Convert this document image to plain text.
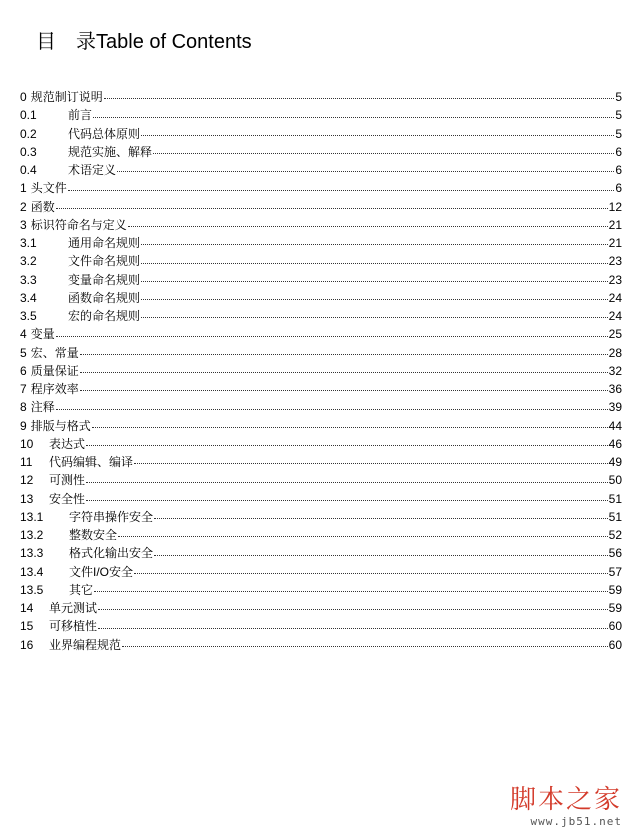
目　录Table of Contents
0 规范制订说明	5
0.1	前言	5
0.2	代码总体原则	5
0.3	规范实施、解释	6
0.4	术语定义	6
1 头文件	6
2 函数	12
3 标识符命名与定义	21
3.1	通用命名规则	21
3.2	文件命名规则	23
3.3	变量命名规则	23
3.4	函数命名规则	24
3.5	宏的命名规则	24
4 变量	25
5 宏、常量	28
6 质量保证	32
7 程序效率	36
8 注释	39
9 排版与格式	44
10	表达式	46
11	代码编辑、编译	49
12	可测性	50
13	安全性	51
13.1	字符串操作安全	51
13.2	整数安全	52
13.3	格式化输出安全	56
13.4	文件I/O安全	57
13.5	其它	59
14	单元测试	59
15	可移植性	60
16	业界编程规范	60
脚本之家
www.jb51.net
